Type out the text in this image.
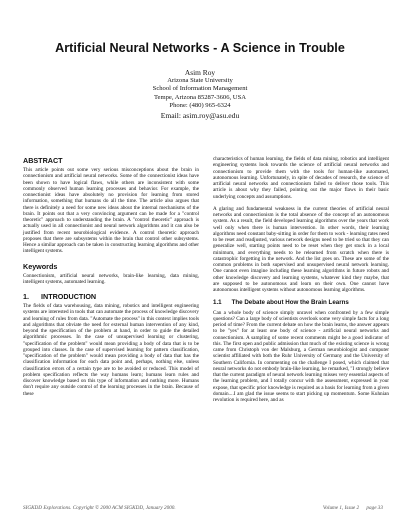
Artificial Neural Networks - A Science in Trouble
Asim Roy
Arizona State University
School of Information Management
Tempe, Arizona 85287-3606, USA
Phone: (480) 965-6324
Email: asim.roy@asu.edu
ABSTRACT

This article points out some very serious misconceptions about the brain in connectionism and artificial neural networks. Some of the connectionist ideas have been shown to have logical flaws, while others are inconsistent with some commonly observed human learning processes and behavior. For example, the connectionist ideas have absolutely no provision for learning from stored information, something that humans do all the time. The article also argues that there is definitely a need for some new ideas about the internal mechanisms of the brain. It points out that a very convincing argument can be made for a "control theoretic" approach to understanding the brain. A "control theoretic" approach is actually used in all connectionist and neural network algorithms and it can also be justified from recent neurobiological evidence. A control theoretic approach proposes that there are subsystems within the brain that control other subsystems. Hence a similar approach can be taken in constructing learning algorithms and other intelligent systems.

Keywords

Connectionism, artificial neural networks, brain-like learning, data mining, intelligent systems, automated learning.

1. INTRODUCTION

The fields of data warehousing, data mining, robotics and intelligent engineering systems are interested in tools that can automate the process of knowledge discovery and learning of rules from data. "Automate the process" in this context implies tools and algorithms that obviate the need for external human intervention of any kind, beyond the specification of the problem at hand, in order to guide the detailed algorithmic processes. In the case of unsupervised learning or clustering, "specification of the problem" would mean providing a body of data that is to be grouped into classes. In the case of supervised learning for pattern classification, "specification of the problem" would mean providing a body of data that has the classification information for each data point and, perhaps, nothing else, unless classification errors of a certain type are to be avoided or reduced. This model of problem specification reflects the way humans learn; humans learn rules and discover knowledge based on this type of information and nothing more. Humans don't require any outside control of the learning processes in the brain. Because of these

characteristics of human learning, the fields of data mining, robotics and intelligent engineering systems look towards the science of artificial neural networks and connectionism to provide them with the tools for human-like automated, autonomous learning. Unfortunately, in spite of decades of research, the science of artificial neural networks and connectionism failed to deliver those tools. This article is about why they failed, pointing out the major flaws in their basic underlying concepts and assumptions.

A glaring and fundamental weakness in the current theories of artificial neural networks and connectionism is the total absence of the concept of an autonomous system. As a result, the field developed learning algorithms over the years that work well only when there is human intervention. In other words, their learning algorithms need constant baby-sitting in order for them to work - learning rates need to be reset and readjusted, various network designs need to be tried so that they can generalize well, starting points need to be reset when they get stuck in a local minimum, and everything needs to be relearned from scratch when there is catastrophic forgetting in the network. And the list goes on. These are some of the common problems in both supervised and unsupervised neural network learning. One cannot even imagine including these learning algorithms in future robots and other knowledge discovery and learning systems, whatever kind they maybe, that are supposed to be autonomous and learn on their own. One cannot have autonomous intelligent systems without autonomous learning algorithms.

1.1 The Debate about How the Brain Learns

Can a whole body of science simply unravel when confronted by a few simple questions? Can a large body of scientists overlook some very simple facts for a long period of time? From the current debate on how the brain learns, the answer appears to be "yes" for at least one body of science - artificial neural networks and connectionism. A sampling of some recent comments might be a good indicator of this. The first open and public admission that much of the existing science is wrong came from Christoph von der Malsburg, a German neurobiologist and computer scientist affiliated with both the Ruhr University of Germany and the University of Southern California. In commenting on the challenge I posed, which claimed that neural networks do not embody brain-like learning, he remarked, "I strongly believe that the current paradigm of neural network learning misses very essential aspects of the learning problem, and I totally concur with the assessment, expressed in your expose, that specific prior knowledge is required as a basis for learning from a given domain....I am glad the issue seems to start picking up momentum. Some Kuhnian revolution is required here, and as

SIGKDD Explorations. Copyright © 2000 ACM SIGKDD, January 2000.	Volume 1, Issue 2 page 33
